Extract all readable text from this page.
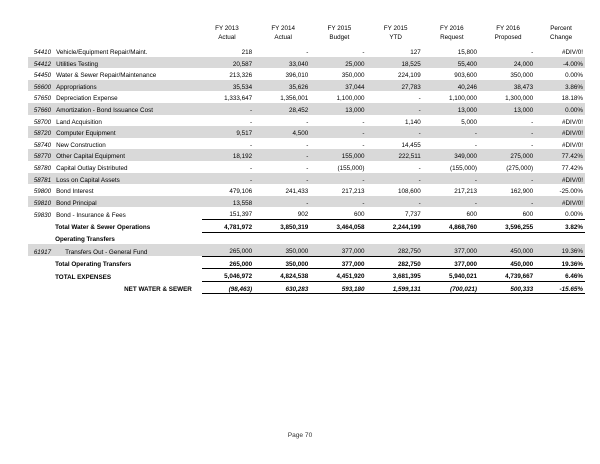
		FY 2013	FY 2014	FY 2015	FY 2015	FY 2016	FY 2016	Percent
		Actual	Actual	Budget	YTD	Request	Proposed	Change
54410	Vehicle/Equipment Repair/Maint.	218	-	-	127	15,800	-	#DIV/0!
54412	Utilities Testing	20,587	33,040	25,000	18,525	55,400	24,000	-4.00%
54450	Water & Sewer Repair/Maintenance	213,326	396,010	350,000	224,109	903,600	350,000	0.00%
56600	Appropriations	35,534	35,626	37,044	27,783	40,246	38,473	3.86%
57650	Depreciation Expense	1,333,647	1,356,001	1,100,000	-	1,100,000	1,300,000	18.18%
57660	Amortization - Bond Issuance Cost	-	28,452	13,000	-	13,000	13,000	0.00%
58700	Land Acquisition	-	-	-	1,140	5,000	-	#DIV/0!
58720	Computer Equipment	9,517	4,500	-	-	-	-	#DIV/0!
58740	New Construction	-	-	-	14,455	-	-	#DIV/0!
58770	Other Capital Equipment	18,192	-	155,000	222,511	349,000	275,000	77.42%
58780	Capital Outlay Distributed	-	-	(155,000)	-	(155,000)	(275,000)	77.42%
58781	Loss on Capital Assets	-	-	-	-	-	-	#DIV/0!
59800	Bond Interest	479,106	241,433	217,213	108,600	217,213	162,900	-25.00%
59810	Bond Principal	13,558	-	-	-	-	-	#DIV/0!
59830	Bond - Insurance & Fees	151,397	902	600	7,737	600	600	0.00%
	Total Water & Sewer Operations	4,781,972	3,850,319	3,464,058	2,244,199	4,868,760	3,596,255	3.82%
	Operating Transfers							
61917	Transfers Out - General Fund	265,000	350,000	377,000	282,750	377,000	450,000	19.36%
	Total Operating Transfers	265,000	350,000	377,000	282,750	377,000	450,000	19.36%
	TOTAL EXPENSES	5,046,972	4,824,538	4,451,920	3,681,395	5,940,021	4,739,667	6.46%
	NET WATER & SEWER	(98,463)	630,283	593,180	1,599,131	(700,021)	500,333	-15.65%

Page 70
